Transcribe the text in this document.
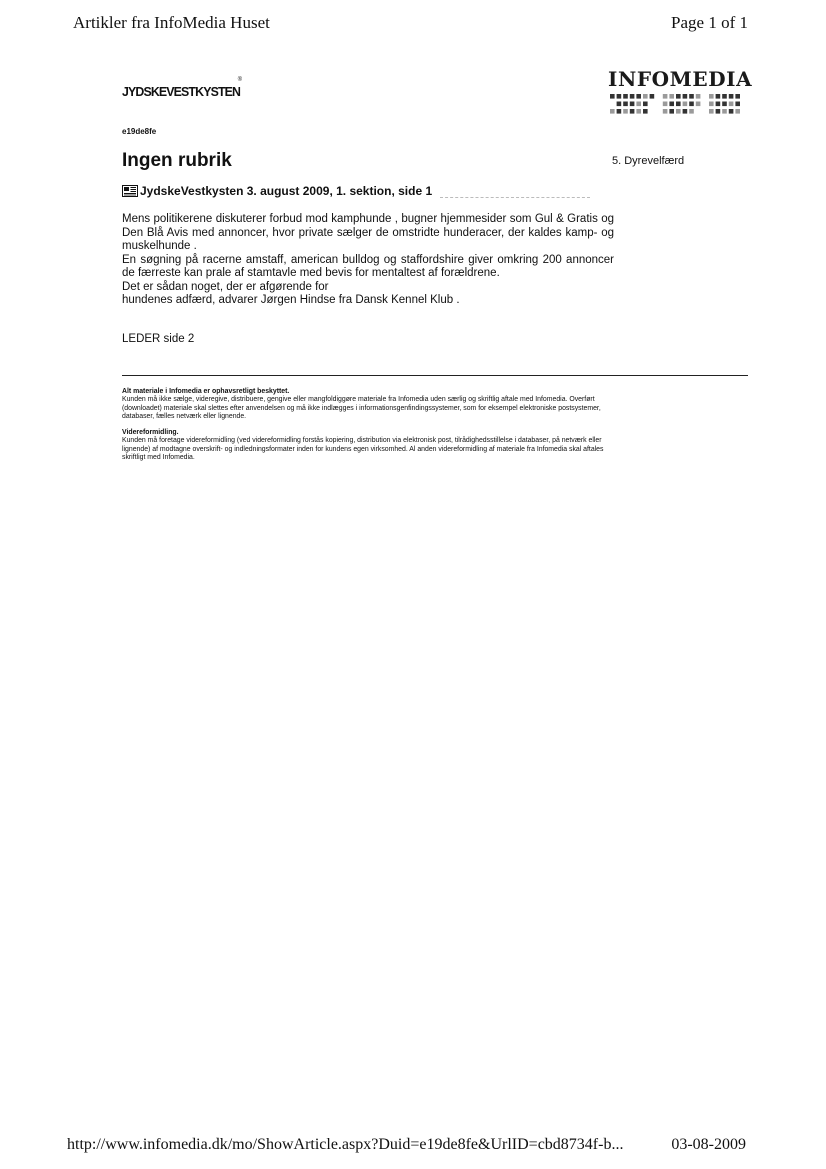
Artikler fra InfoMedia Huset	Page 1 of 1
JYDSKEVESTKYSTEN
®	INFOMEDIA
e19de8fe
Ingen rubrik	5. Dyrevelfærd
JydskeVestkysten 3. august 2009, 1. sektion, side 1

Mens politikerene diskuterer forbud mod kamphunde , bugner hjemmesider som Gul & Gratis og Den Blå Avis med annoncer, hvor private sælger de omstridte hunderacer, der kaldes kamp- og muskelhunde .

En søgning på racerne amstaff, american bulldog og staffordshire giver omkring 200 annoncer de færreste kan prale af stamtavle med bevis for mentaltest af forældrene.

Det er sådan noget, der er afgørende for

hundenes adfærd, advarer Jørgen Hindse fra Dansk Kennel Klub .

LEDER side 2
Alt materiale i Infomedia er ophavsretligt beskyttet.
Kunden må ikke sælge, videregive, distribuere, gengive eller mangfoldiggøre materiale fra Infomedia uden særlig og skriftlig aftale med Infomedia. Overført (downloadet) materiale skal slettes efter anvendelsen og må ikke indlægges i informationsgenfindingssystemer, som for eksempel elektroniske postsystemer, databaser, fælles netværk eller lignende.
Videreformidling.
Kunden må foretage videreformidling (ved videreformidling forstås kopiering, distribution via elektronisk post, tilrådighedsstillelse i databaser, på netværk eller lignende) af modtagne overskrift- og indledningsformater inden for kundens egen virksomhed. Al anden videreformidling af materiale fra Infomedia skal aftales skriftligt med Infomedia.
http://www.infomedia.dk/mo/ShowArticle.aspx?Duid=e19de8fe&UrlID=cbd8734f-b...	03-08-2009
